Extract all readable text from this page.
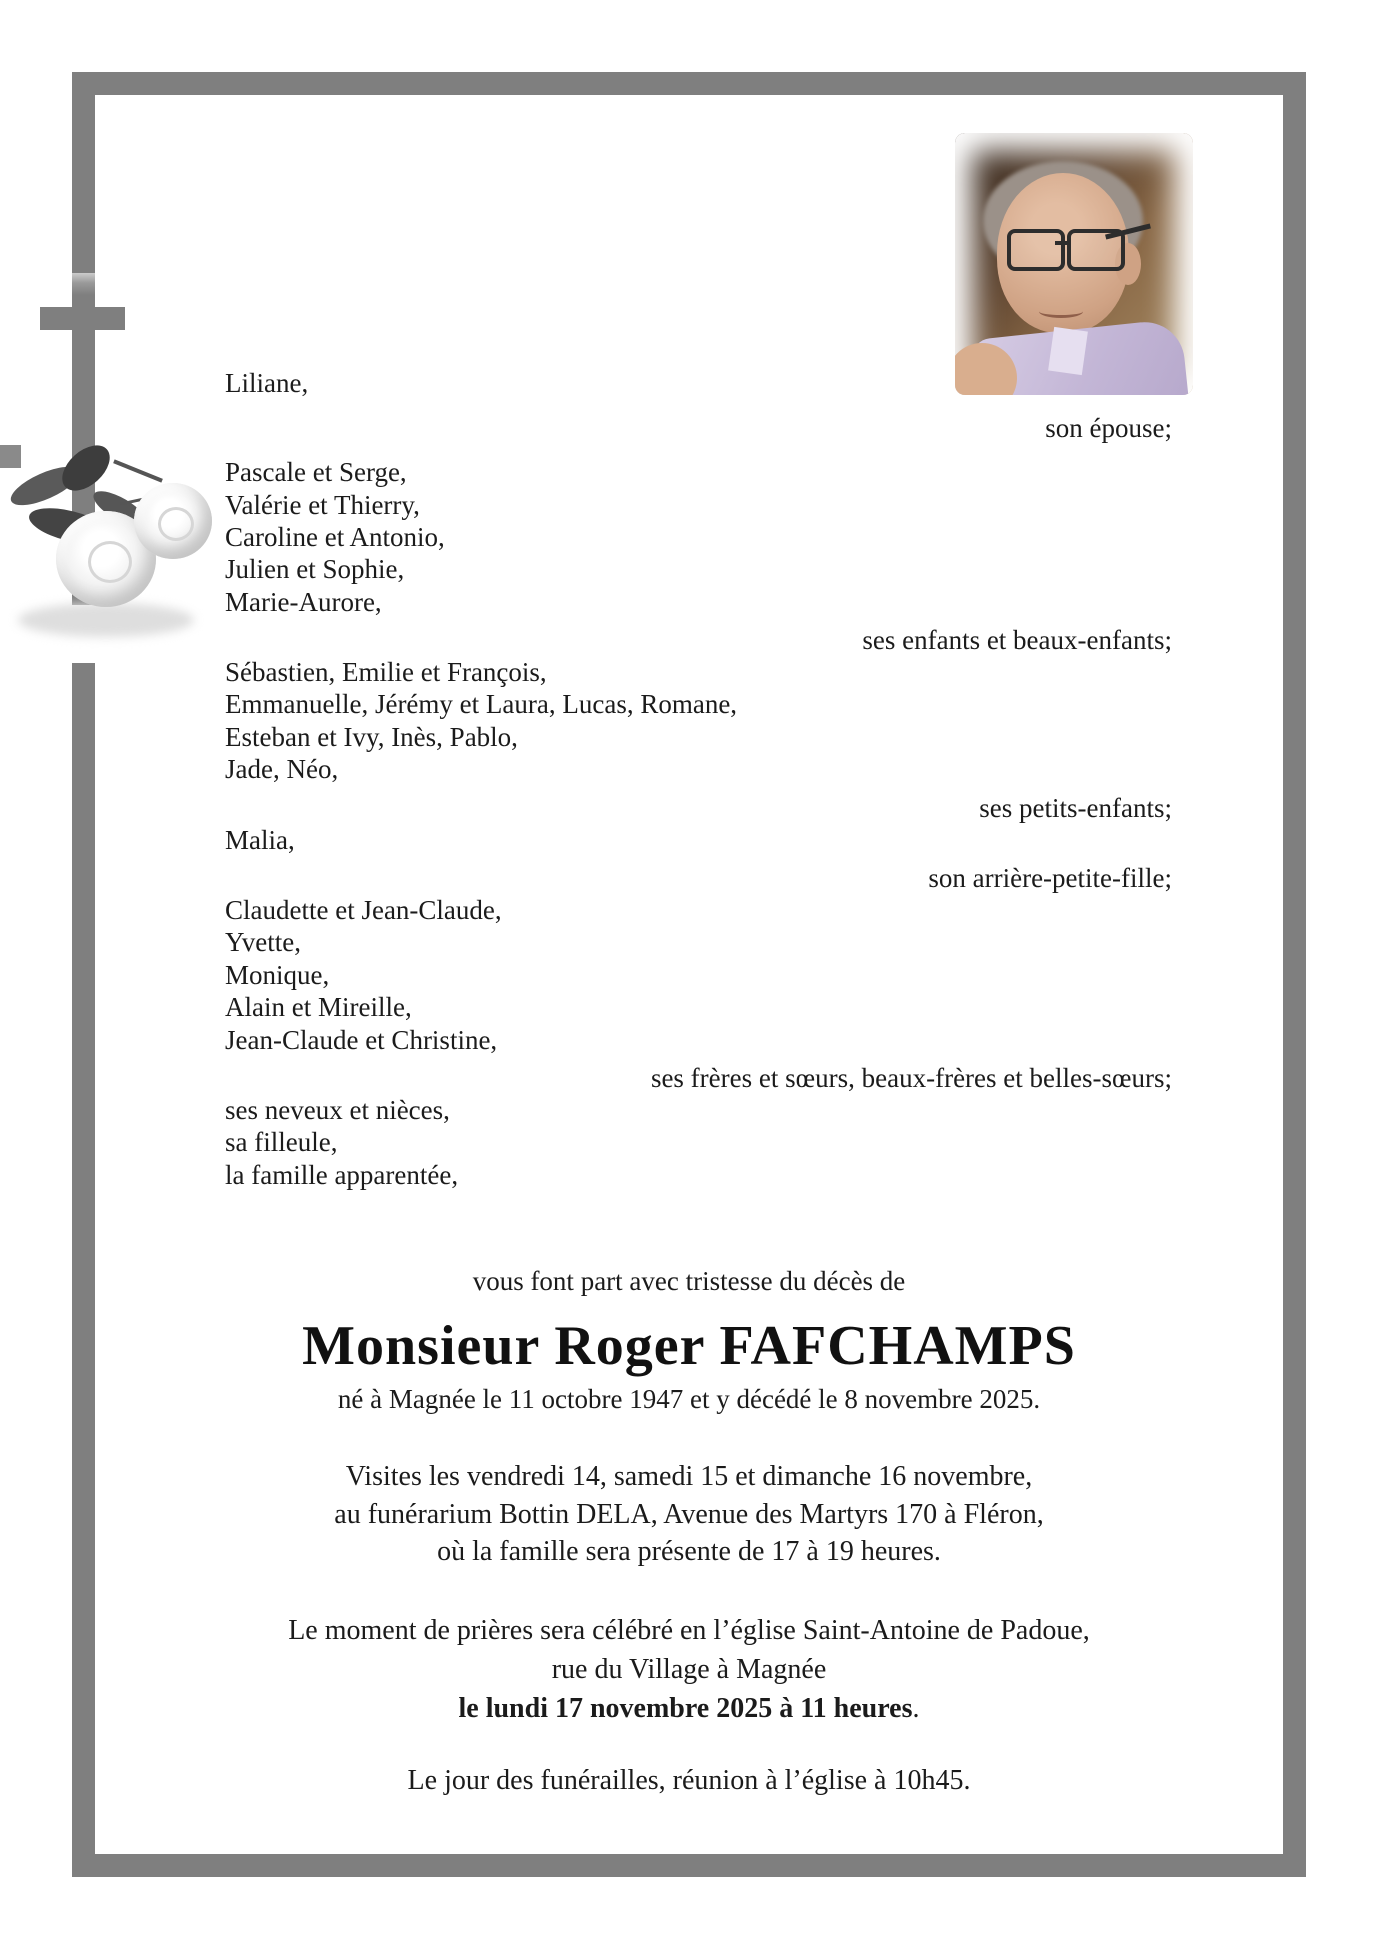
Liliane,
son épouse;
Pascale et Serge,
Valérie et Thierry,
Caroline et Antonio,
Julien et Sophie,
Marie-Aurore,
ses enfants et beaux-enfants;
Sébastien, Emilie et François,
Emmanuelle, Jérémy et Laura, Lucas, Romane,
Esteban et Ivy, Inès, Pablo,
Jade, Néo,
ses petits-enfants;
Malia,
son arrière-petite-fille;
Claudette et Jean-Claude,
Yvette,
Monique,
Alain et Mireille,
Jean-Claude et Christine,
ses frères et sœurs, beaux-frères et belles-sœurs;
ses neveux et nièces,
sa filleule,
la famille apparentée,
vous font part avec tristesse du décès de
Monsieur Roger FAFCHAMPS
né à Magnée le 11 octobre 1947 et y décédé le 8 novembre 2025.
Visites les vendredi 14, samedi 15 et dimanche 16 novembre,
au funérarium Bottin DELA, Avenue des Martyrs 170 à Fléron,
où la famille sera présente de 17 à 19 heures.
Le moment de prières sera célébré en l’église Saint-Antoine de Padoue,
rue du Village à Magnée
le lundi 17 novembre 2025 à 11 heures.
Le jour des funérailles, réunion à l’église à 10h45.
